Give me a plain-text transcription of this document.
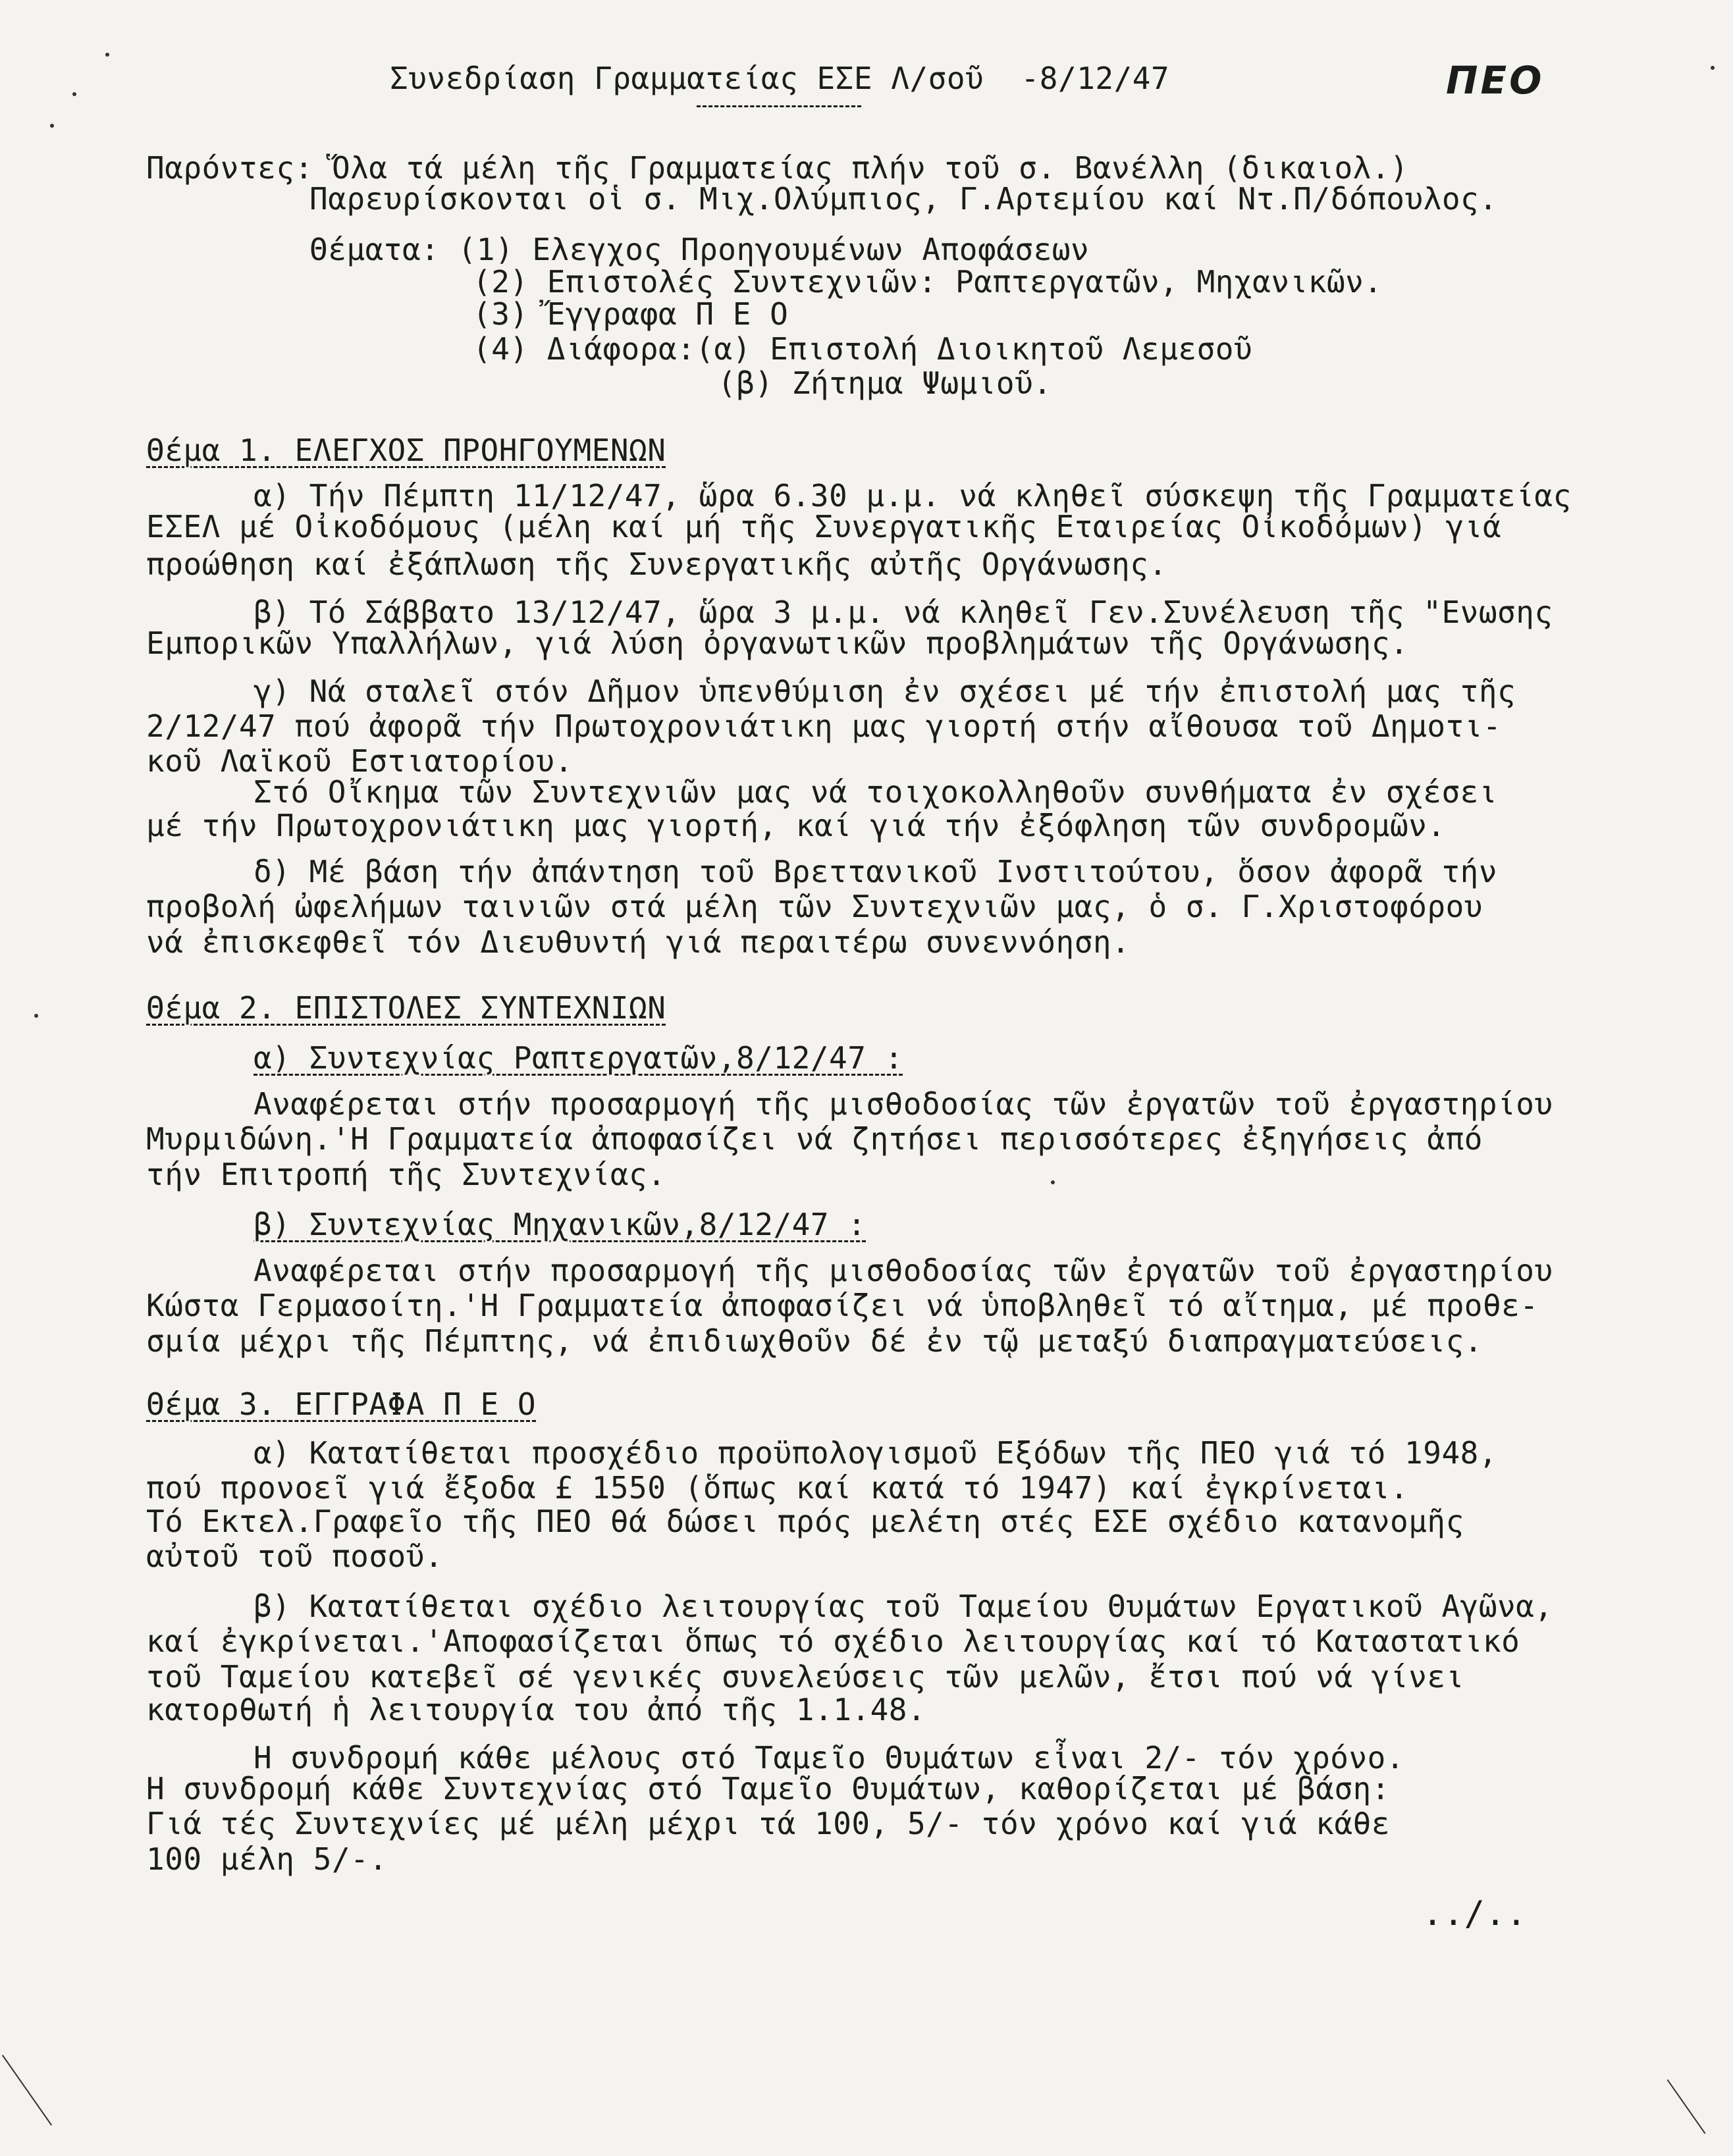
Συνεδρίαση Γραμματείας ΕΣΕ Λ/σοῦ  -8/12/47	ΠΕΟ
Παρόντες: Ὅλα τά μέλη τῆς Γραμματείας πλήν τοῦ σ. Βανέλλη (δικαιολ.)
Παρευρίσκονται οἱ σ. Μιχ.Ολύμπιος, Γ.Αρτεμίου καί Ντ.Π/δόπουλος.
Θέματα: (1) Ελεγχος Προηγουμένων Αποφάσεων
(2) Επιστολές Συντεχνιῶν: Ραπτεργατῶν, Μηχανικῶν.
(3) Ἔγγραφα Π Ε Ο
(4) Διάφορα:(α) Επιστολή Διοικητοῦ Λεμεσοῦ
(β) Ζήτημα Ψωμιοῦ.
Θέμα 1. ΕΛΕΓΧΟΣ ΠΡΟΗΓΟΥΜΕΝΩΝ
α) Τήν Πέμπτη 11/12/47, ὥρα 6.30 μ.μ. νά κληθεῖ σύσκεψη τῆς Γραμματείας
ΕΣΕΛ μέ Οἰκοδόμους (μέλη καί μή τῆς Συνεργατικῆς Εταιρείας Οἰκοδόμων) γιά
προώθηση καί ἐξάπλωση τῆς Συνεργατικῆς αὐτῆς Οργάνωσης.
β) Τό Σάββατο 13/12/47, ὥρα 3 μ.μ. νά κληθεῖ Γεν.Συνέλευση τῆς "Ενωσης
Εμπορικῶν Υπαλλήλων, γιά λύση ὀργανωτικῶν προβλημάτων τῆς Οργάνωσης.
γ) Νά σταλεῖ στόν Δῆμον ὑπενθύμιση ἐν σχέσει μέ τήν ἐπιστολή μας τῆς
2/12/47 πού ἀφορᾶ τήν Πρωτοχρονιάτικη μας γιορτή στήν αἴθουσα τοῦ Δημοτι-
κοῦ Λαϊκοῦ Εστιατορίου.
Στό Οἴκημα τῶν Συντεχνιῶν μας νά τοιχοκολληθοῦν συνθήματα ἐν σχέσει
μέ τήν Πρωτοχρονιάτικη μας γιορτή, καί γιά τήν ἐξόφληση τῶν συνδρομῶν.
δ) Μέ βάση τήν ἀπάντηση τοῦ Βρεττανικοῦ Ινστιτούτου, ὅσον ἀφορᾶ τήν
προβολή ὠφελήμων ταινιῶν στά μέλη τῶν Συντεχνιῶν μας, ὁ σ. Γ.Χριστοφόρου
νά ἐπισκεφθεῖ τόν Διευθυντή γιά περαιτέρω συνεννόηση.
Θέμα 2. ΕΠΙΣΤΟΛΕΣ ΣΥΝΤΕΧΝΙΩΝ
α) Συντεχνίας Ραπτεργατῶν,8/12/47 :
Αναφέρεται στήν προσαρμογή τῆς μισθοδοσίας τῶν ἐργατῶν τοῦ ἐργαστηρίου
Μυρμιδώνη.'Η Γραμματεία ἀποφασίζει νά ζητήσει περισσότερες ἐξηγήσεις ἀπό
τήν Επιτροπή τῆς Συντεχνίας.
β) Συντεχνίας Μηχανικῶν,8/12/47 :
Αναφέρεται στήν προσαρμογή τῆς μισθοδοσίας τῶν ἐργατῶν τοῦ ἐργαστηρίου
Κώστα Γερμασοίτη.'Η Γραμματεία ἀποφασίζει νά ὑποβληθεῖ τό αἴτημα, μέ προθε-
σμία μέχρι τῆς Πέμπτης, νά ἐπιδιωχθοῦν δέ ἐν τῷ μεταξύ διαπραγματεύσεις.
Θέμα 3. ΕΓΓΡΑΦΑ Π Ε Ο
α) Κατατίθεται προσχέδιο προϋπολογισμοῦ Εξόδων τῆς ΠΕΟ γιά τό 1948,
πού προνοεῖ γιά ἔξοδα £ 1550 (ὅπως καί κατά τό 1947) καί ἐγκρίνεται.
Τό Εκτελ.Γραφεῖο τῆς ΠΕΟ θά δώσει πρός μελέτη στές ΕΣΕ σχέδιο κατανομῆς
αὐτοῦ τοῦ ποσοῦ.
β) Κατατίθεται σχέδιο λειτουργίας τοῦ Ταμείου Θυμάτων Εργατικοῦ Αγῶνα,
καί ἐγκρίνεται.'Αποφασίζεται ὅπως τό σχέδιο λειτουργίας καί τό Καταστατικό
τοῦ Ταμείου κατεβεῖ σέ γενικές συνελεύσεις τῶν μελῶν, ἔτσι πού νά γίνει
κατορθωτή ἡ λειτουργία του ἀπό τῆς 1.1.48.
Η συνδρομή κάθε μέλους στό Ταμεῖο Θυμάτων εἶναι 2/- τόν χρόνο.
Η συνδρομή κάθε Συντεχνίας στό Ταμεῖο Θυμάτων, καθορίζεται μέ βάση:
Γιά τές Συντεχνίες μέ μέλη μέχρι τά 100, 5/- τόν χρόνο καί γιά κάθε
100 μέλη 5/-.
../..
